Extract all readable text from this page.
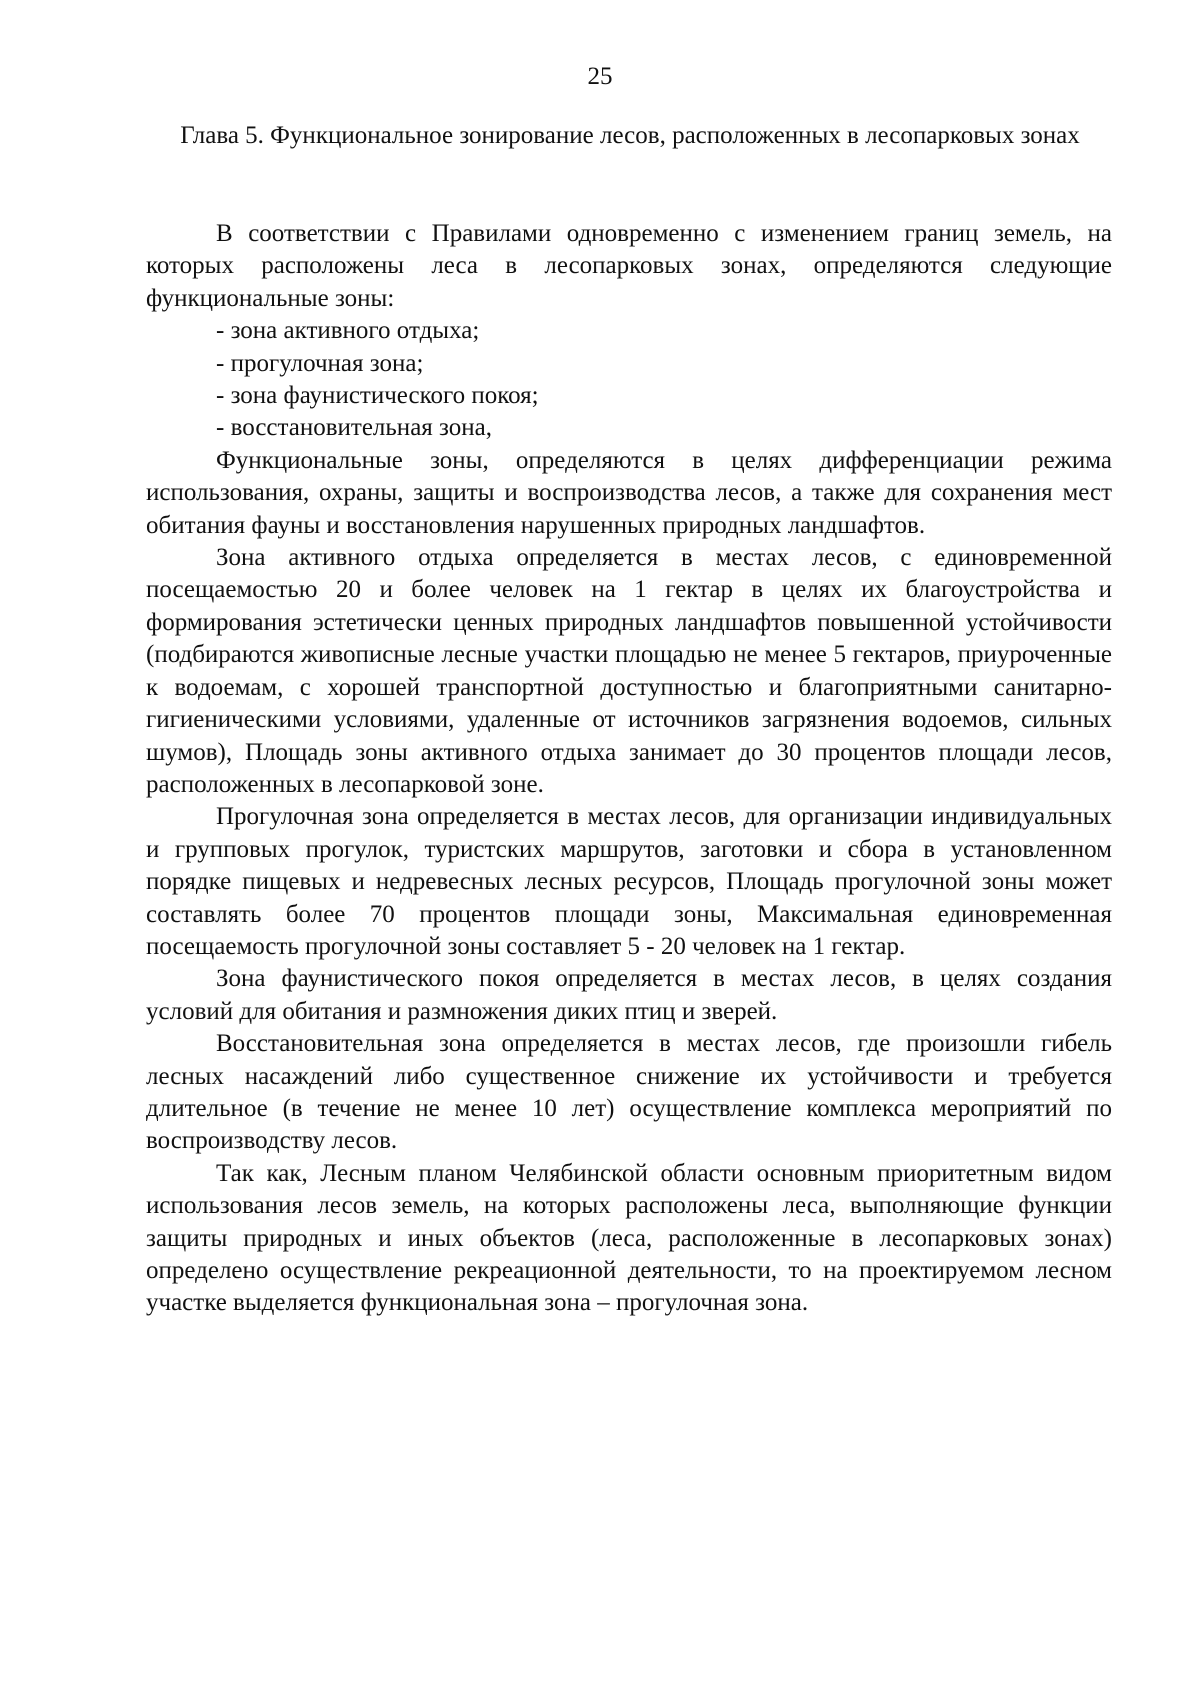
25
Глава 5. Функциональное зонирование лесов, расположенных в лесопарковых зонах

В соответствии с Правилами одновременно с изменением границ земель, на которых расположены леса в лесопарковых зонах, определяются следующие функциональные зоны:

- зона активного отдыха;

- прогулочная зона;

- зона фаунистического покоя;

- восстановительная зона,

Функциональные зоны, определяются в целях дифференциации режима использования, охраны, защиты и воспроизводства лесов, а также для сохранения мест обитания фауны и восстановления нарушенных природных ландшафтов.

Зона активного отдыха определяется в местах лесов, с единовременной посещаемостью 20 и более человек на 1 гектар в целях их благоустройства и формирования эстетически ценных природных ландшафтов повышенной устойчивости (подбираются живописные лесные участки площадью не менее 5 гектаров, приуроченные к водоемам, с хорошей транспортной доступностью и благоприятными санитарно-гигиеническими условиями, удаленные от источников загрязнения водоемов, сильных шумов), Площадь зоны активного отдыха занимает до 30 процентов площади лесов, расположенных в лесопарковой зоне.

Прогулочная зона определяется в местах лесов, для организации индивидуальных и групповых прогулок, туристских маршрутов, заготовки и сбора в установленном порядке пищевых и недревесных лесных ресурсов, Площадь прогулочной зоны может составлять более 70 процентов площади зоны, Максимальная единовременная посещаемость прогулочной зоны составляет 5 - 20 человек на 1 гектар.

Зона фаунистического покоя определяется в местах лесов, в целях создания условий для обитания и размножения диких птиц и зверей.

Восстановительная зона определяется в местах лесов, где произошли гибель лесных насаждений либо существенное снижение их устойчивости и требуется длительное (в течение не менее 10 лет) осуществление комплекса мероприятий по воспроизводству лесов.

Так как, Лесным планом Челябинской области основным приоритетным видом использования лесов земель, на которых расположены леса, выполняющие функции защиты природных и иных объектов (леса, расположенные в лесопарковых зонах) определено осуществление рекреационной деятельности, то на проектируемом лесном участке выделяется функциональная зона – прогулочная зона.
